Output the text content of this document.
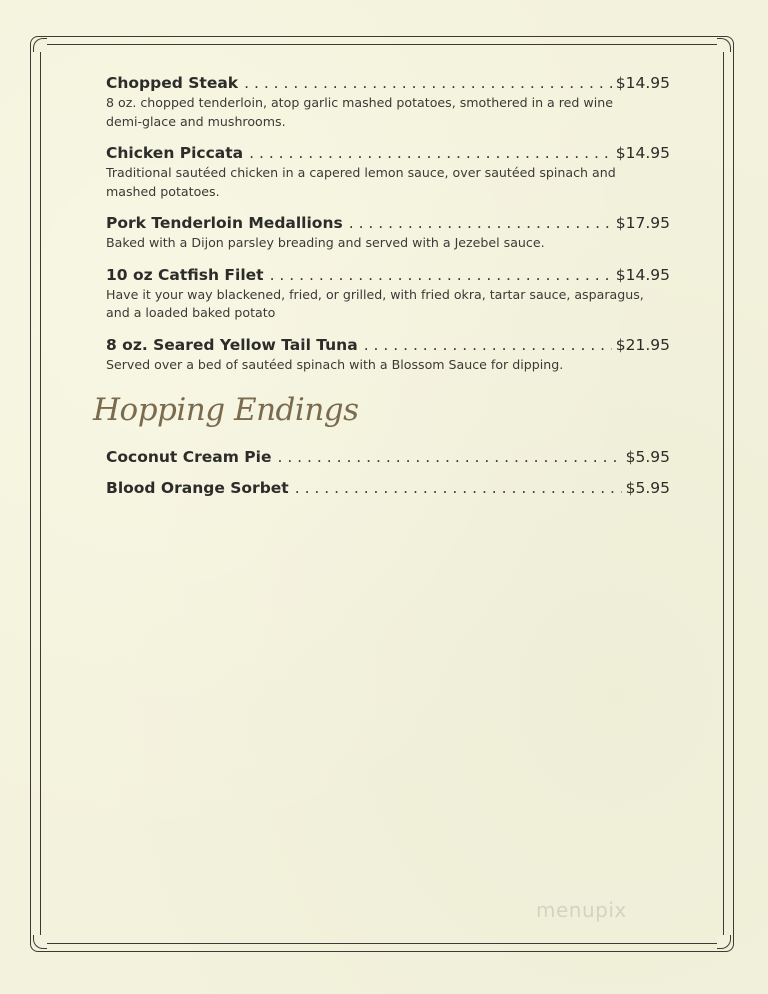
Chopped Steak . . .	$14.95
8 oz. chopped tenderloin, atop garlic mashed potatoes, smothered in a red wine demi-glace and mushrooms.
Chicken Piccata . . .	$14.95
Traditional sautéed chicken in a capered lemon sauce, over sautéed spinach and mashed potatoes.
Pork Tenderloin Medallions . . .	$17.95
Baked with a Dijon parsley breading and served with a Jezebel sauce.
10 oz Catfish Filet . . .	$14.95
Have it your way blackened, fried, or grilled, with fried okra, tartar sauce, asparagus, and a loaded baked potato
8 oz. Seared Yellow Tail Tuna . . .	$21.95
Served over a bed of sautéed spinach with a Blossom Sauce for dipping.
Hopping Endings
Coconut Cream Pie . . .	$5.95
Blood Orange Sorbet . . .	$5.95
menupix
